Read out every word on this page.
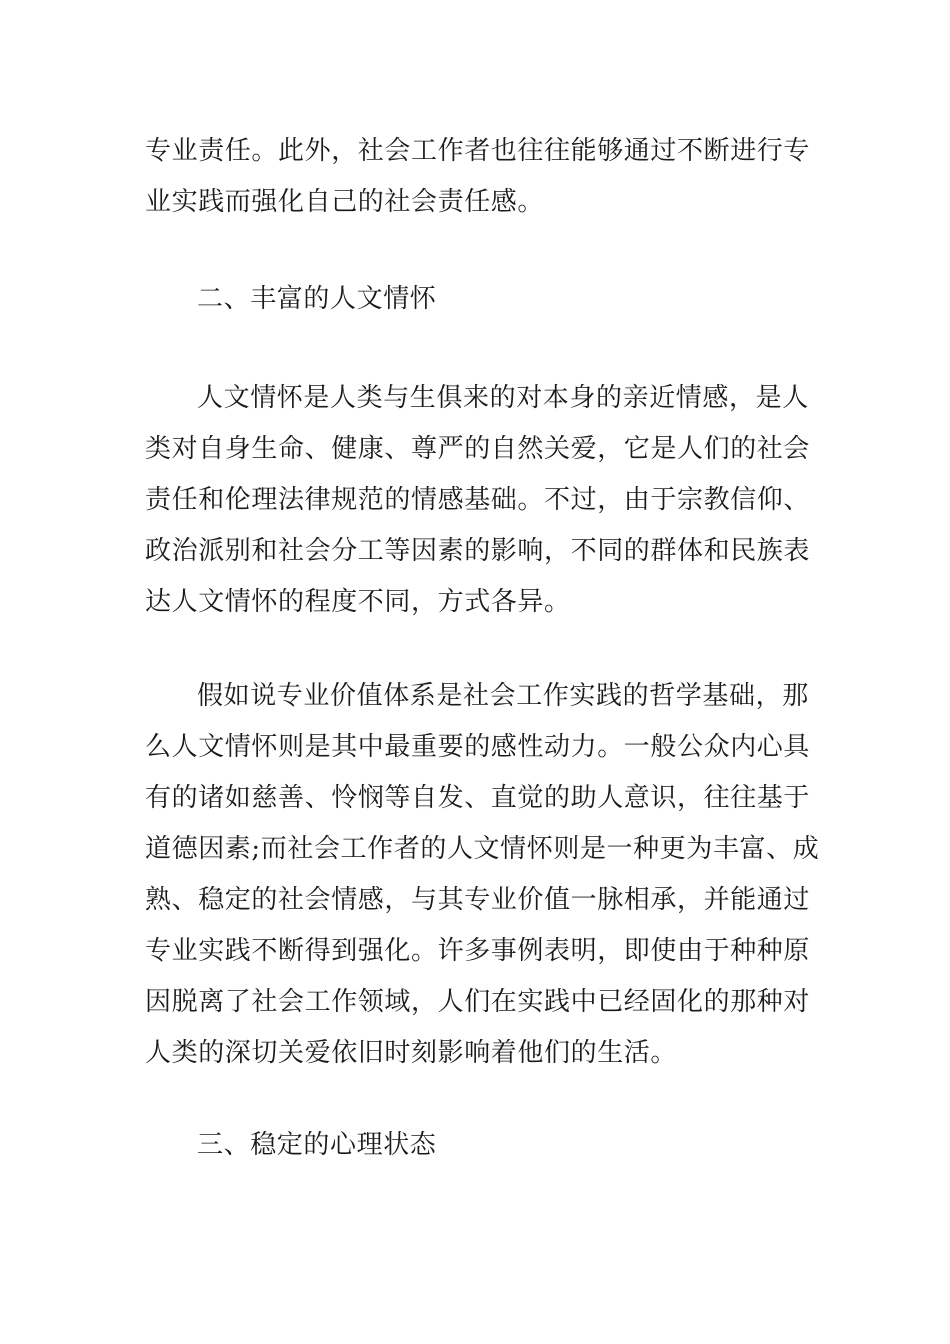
专业责任。此外，社会工作者也往往能够通过不断进行专
业实践而强化自己的社会责任感。
二、丰富的人文情怀
人文情怀是人类与生俱来的对本身的亲近情感，是人
类对自身生命、健康、尊严的自然关爱，它是人们的社会
责任和伦理法律规范的情感基础。不过，由于宗教信仰、
政治派别和社会分工等因素的影响，不同的群体和民族表
达人文情怀的程度不同，方式各异。
假如说专业价值体系是社会工作实践的哲学基础，那
么人文情怀则是其中最重要的感性动力。一般公众内心具
有的诸如慈善、怜悯等自发、直觉的助人意识，往往基于
道德因素;而社会工作者的人文情怀则是一种更为丰富、成
熟、稳定的社会情感，与其专业价值一脉相承，并能通过
专业实践不断得到强化。许多事例表明，即使由于种种原
因脱离了社会工作领域，人们在实践中已经固化的那种对
人类的深切关爱依旧时刻影响着他们的生活。
三、稳定的心理状态
